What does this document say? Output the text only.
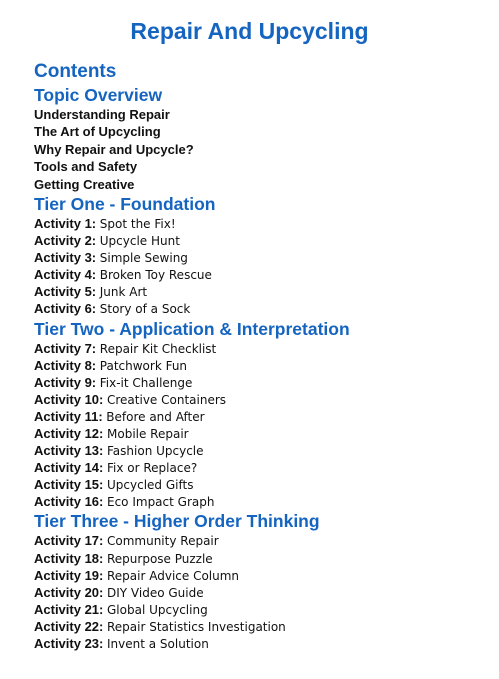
Repair And Upcycling
Contents
Topic Overview
Understanding Repair
The Art of Upcycling
Why Repair and Upcycle?
Tools and Safety
Getting Creative
Tier One - Foundation
Activity 1: Spot the Fix!
Activity 2: Upcycle Hunt
Activity 3: Simple Sewing
Activity 4: Broken Toy Rescue
Activity 5: Junk Art
Activity 6: Story of a Sock
Tier Two - Application & Interpretation
Activity 7: Repair Kit Checklist
Activity 8: Patchwork Fun
Activity 9: Fix-it Challenge
Activity 10: Creative Containers
Activity 11: Before and After
Activity 12: Mobile Repair
Activity 13: Fashion Upcycle
Activity 14: Fix or Replace?
Activity 15: Upcycled Gifts
Activity 16: Eco Impact Graph
Tier Three - Higher Order Thinking
Activity 17: Community Repair
Activity 18: Repurpose Puzzle
Activity 19: Repair Advice Column
Activity 20: DIY Video Guide
Activity 21: Global Upcycling
Activity 22: Repair Statistics Investigation
Activity 23: Invent a Solution
